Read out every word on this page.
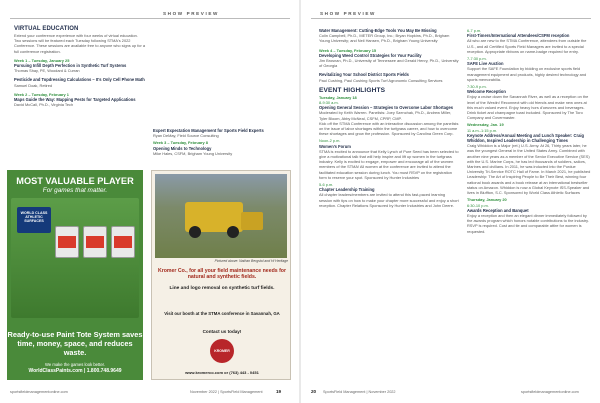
SHOW PREVIEW
VIRTUAL EDUCATION
Extend your conference experience with four weeks of virtual education. Two sessions will be featured each Tuesday following STMA's 2022 Conference. These sessions are available free to anyone who signs up for a full conference registration.
Week 1 – Tuesday, January 25
Pursuing Infill Depth Perfection in Synthetic Turf Systems
Thomas Shay, PE, Woodard & Curran
Pesticide and Topdressing Calculations – It's Only Cell Phone Math
Samuel Doak, Retired
Week 2 – Tuesday, February 1
Maps Guide the Way: Mapping Pests for Targeted Applications
David McCall, Ph.D., Virginia Tech
Expert Expectation Management for Sports Field Experts
Ryan DeMay, Field Source Consulting
Week 3 – Tuesday, February 8
Opening Minds to Technology
Mike Hales, CSFM, Brigham Young University
MOST VALUABLE PLAYER
For games that matter.
WORLD CLASS ATHLETIC SURFACES
Ready-to-use Paint Tote System saves time, money, space, and reduces waste.
We make the games look better.
WorldClassPaints.com | 1.800.748.9649
Pictured above: Nathan Bergstol and Hi Heritage
Kromer Co., for all your field maintenance needs for natural and synthetic fields.
Line and logo removal on synthetic turf fields.
Visit our booth at the STMA conference in Savannah, GA
Contact us today!
KROMER
www.kromerco.com or (763) 443 - 0451
sportsfieldmanagementonline.com	November 2022 | SportsField Management	19
SHOW PREVIEW
Water Management: Cutting-Edge Tools You May Be Missing
Colin Campbell, Ph.D., METER Group, Inc.; Bryan Hopkins, Ph.D., Brigham Young University; and Neil Hansen, Ph.D., Brigham Young University
Week 4 – Tuesday, February 15
Developing Weed Control Strategies for Your Facility
Jim Brosnan, Ph.D., University of Tennessee and Gerald Henry, Ph.D., University of Georgia
Revitalizing Your School District Sports Fields
Paul Cushing, Paul Cushing Sports Turf Agronomic Consulting Services
EVENT HIGHLIGHTS
Tuesday, January 18
8-9:30 a.m.
Opening General Session – Strategies to Overcome Labor Shortages
Moderated by Keith Warren. Panelists: Joey Szenchak, Ph.D., Andrew Miller, Tyler Bloom, Abby McNeal, CSFM, CPRP, CMP.
Kick off the STMA Conference with an interactive discussion among the panelists on the issue of labor shortages within the turfgrass career, and how to overcome these shortages and grow the profession. Sponsored by Carolina Green Corp.
Noon-2 p.m.
Women's Forum
STMA is excited to announce that Kelly Lynch of Pure Seed has been selected to give a motivational talk that will help inspire and lift up women in the turfgrass industry. Kelly is excited to engage, empower and encourage all of the women members of the STMA! All women at the conference are invited to attend the facilitated education session during lunch. You must RSVP on the registration form to reserve your spot. Sponsored by Hunter Industries
5-6 p.m.
Chapter Leadership Training
All chapter leaders/members are invited to attend this fast-paced learning session with tips on how to make your chapter more successful and enjoy a short reception. Chapter Relations Sponsored by Hunter Industries and John Deere.
6-7 p.m.
First-Timers/International Attendees/CSFM reception
All who are new to the STMA Conference, attendees from outside the U.S., and all Certified Sports Field Managers are invited to a special reception. Appropriate ribbons on name-badge required for entry.
7-7:30 p.m.
SAFE Live Auction
Support the SAFE Foundation by bidding on exclusive sports field management equipment and products, highly desired technology and sports memorabilia.
7:30-9 p.m.
Welcome Reception
Enjoy a cruise down the Savannah River, as well as a reception on the level of the Westin! Reconnect with old friends and make new ones at this much valued event. Enjoy heavy hors d'oeuvres and beverages. Drink ticket and champagne toast included. Sponsored by The Toro Company and Covermaster.
Wednesday, Jan. 19
11 a.m.-1:15 p.m.
Keynote Address/Annual Meeting and Lunch Speaker: Craig Whiddon, Inspired Leadership in Challenging Times
Craig Whiddon is a Major (ret.) U.S. Army. At 26, Thirty years later, he was the youngest General in the United States Army. Combined with another nine years as a member of the Senior Executive Service (SES) with the U.S. Marine Corps, he has led thousands of soldiers, sailors, Marines and civilians. In 2011, he was inducted into the Purdue University Tri-Service ROTC Hall of Fame. In March 2021, he published Leadership: The Art of Inspiring People to Be Their Best, winning four national book awards and a book release at an international bestseller status on Amazon. Whiddon is now a Global Keynote ISS-Speaker and lives in Bluffton, S.C. Sponsored by World Class Athletic Surfaces
Thursday, January 20
6:30-10 p.m.
Awards Reception and Banquet
Enjoy a reception and then an elegant dinner immediately followed by the awards program which honors notable contributions to the industry. RSVP is required. Cost and tie and comparable attire for women is requested.
20 SportsField Management | November 2022	sportsfieldmanagementonline.com
